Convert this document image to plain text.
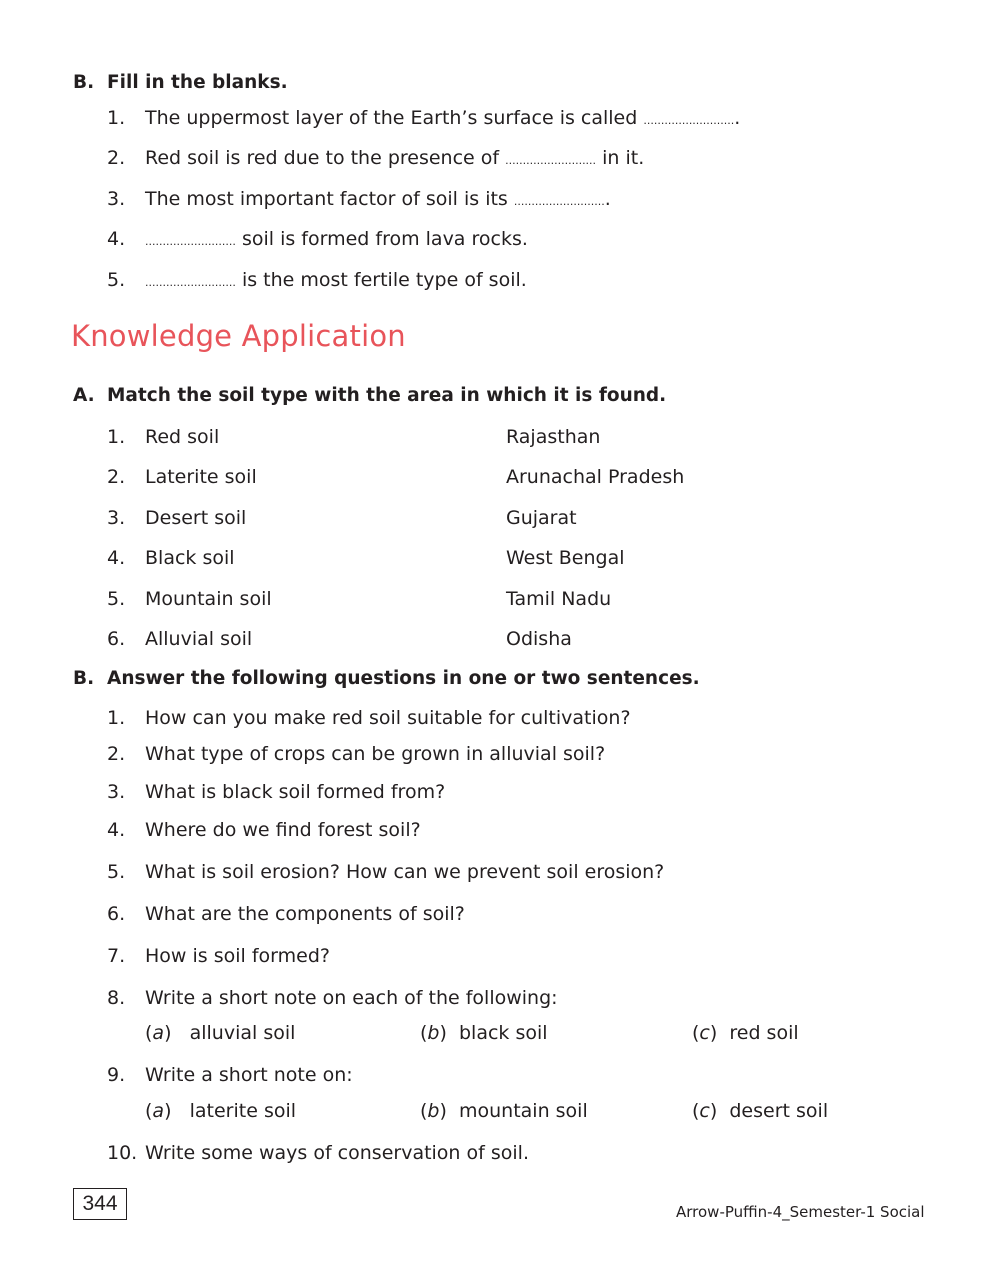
B. Fill in the blanks.
1.	The uppermost layer of the Earth’s surface is called ...........................
2.	Red soil is red due to the presence of .......................... in it.
3.	The most important factor of soil is its ...........................
4.	.......................... soil is formed from lava rocks.
5.	.......................... is the most fertile type of soil.
Knowledge Application
A. Match the soil type with the area in which it is found.
1.	Red soil	Rajasthan
2.	Laterite soil	Arunachal Pradesh
3.	Desert soil	Gujarat
4.	Black soil	West Bengal
5.	Mountain soil	Tamil Nadu
6.	Alluvial soil	Odisha
B. Answer the following questions in one or two sentences.
1.	How can you make red soil suitable for cultivation?
2.	What type of crops can be grown in alluvial soil?
3.	What is black soil formed from?
4.	Where do we find forest soil?
5.	What is soil erosion? How can we prevent soil erosion?
6.	What are the components of soil?
7.	How is soil formed?
8.	Write a short note on each of the following:
(a)   alluvial soil	(b)  black soil	(c)  red soil
9.	Write a short note on:
(a)   laterite soil	(b)  mountain soil	(c)  desert soil
10. Write some ways of conservation of soil.
344	Arrow-Puffin-4_Semester-1 Social
